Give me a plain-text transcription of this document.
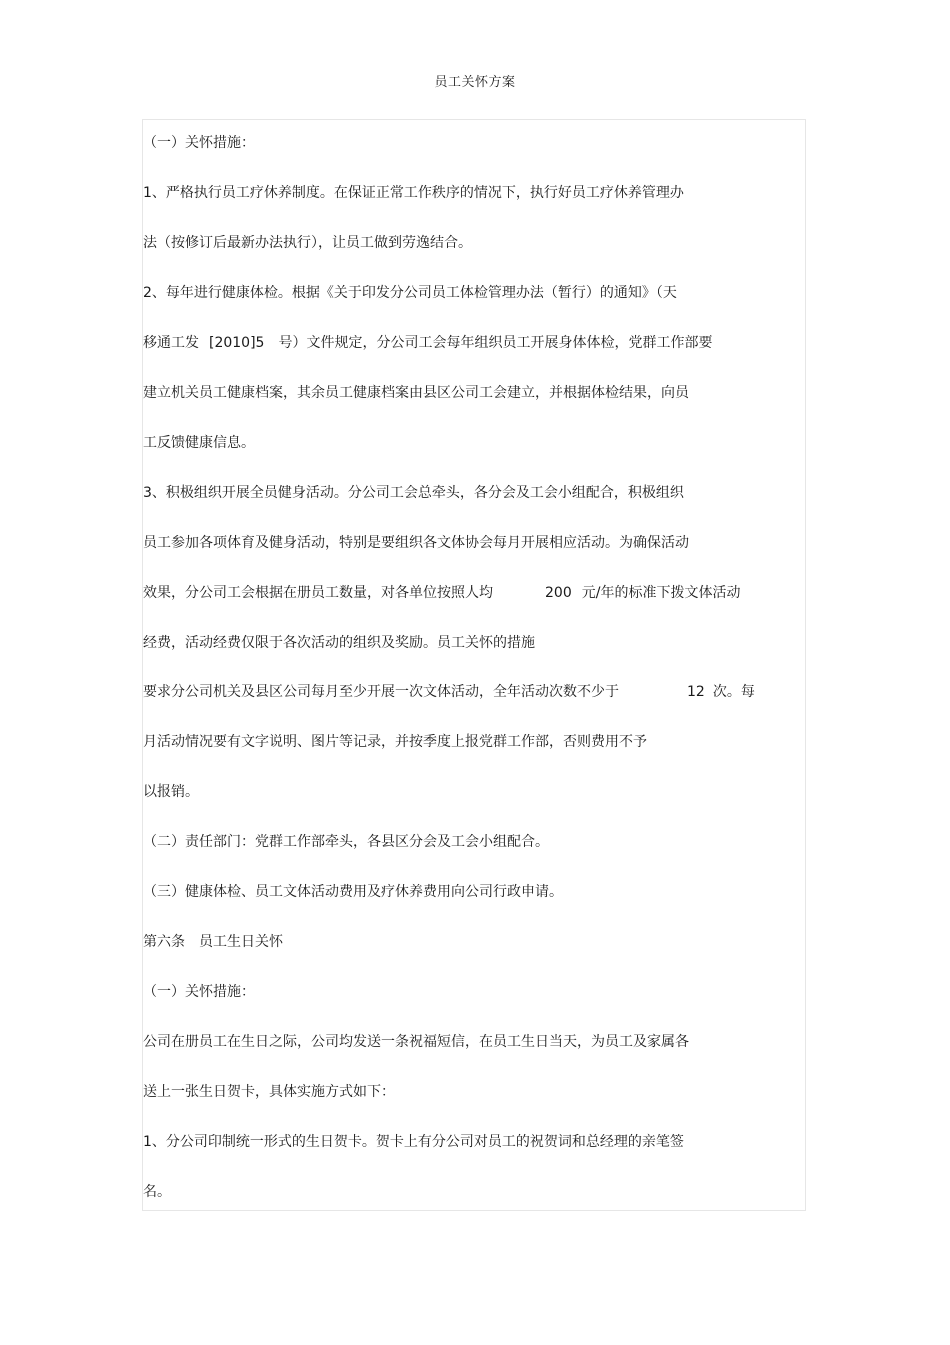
员工关怀方案
（一）关怀措施：
1、严格执行员工疗休养制度。在保证正常工作秩序的情况下，执行好员工疗休养管理办
法（按修订后最新办法执行），让员工做到劳逸结合。
2、每年进行健康体检。根据《关于印发分公司员工体检管理办法（暂行）的通知》（天
移通工发 [2010]5 号）文件规定，分公司工会每年组织员工开展身体体检，党群工作部要
建立机关员工健康档案，其余员工健康档案由县区公司工会建立，并根据体检结果，向员
工反馈健康信息。
3、积极组织开展全员健身活动。分公司工会总牵头，各分会及工会小组配合，积极组织
员工参加各项体育及健身活动，特别是要组织各文体协会每月开展相应活动。为确保活动
效果，分公司工会根据在册员工数量，对各单位按照人均	200 元/年的标准下拨文体活动
经费，活动经费仅限于各次活动的组织及奖励。员工关怀的措施
要求分公司机关及县区公司每月至少开展一次文体活动，全年活动次数不少于	12 次。每
月活动情况要有文字说明、图片等记录，并按季度上报党群工作部，否则费用不予
以报销。
（二）责任部门：党群工作部牵头，各县区分会及工会小组配合。
（三）健康体检、员工文体活动费用及疗休养费用向公司行政申请。
第六条 员工生日关怀
（一）关怀措施：
公司在册员工在生日之际，公司均发送一条祝福短信，在员工生日当天，为员工及家属各
送上一张生日贺卡，具体实施方式如下：
1、分公司印制统一形式的生日贺卡。贺卡上有分公司对员工的祝贺词和总经理的亲笔签
名。
